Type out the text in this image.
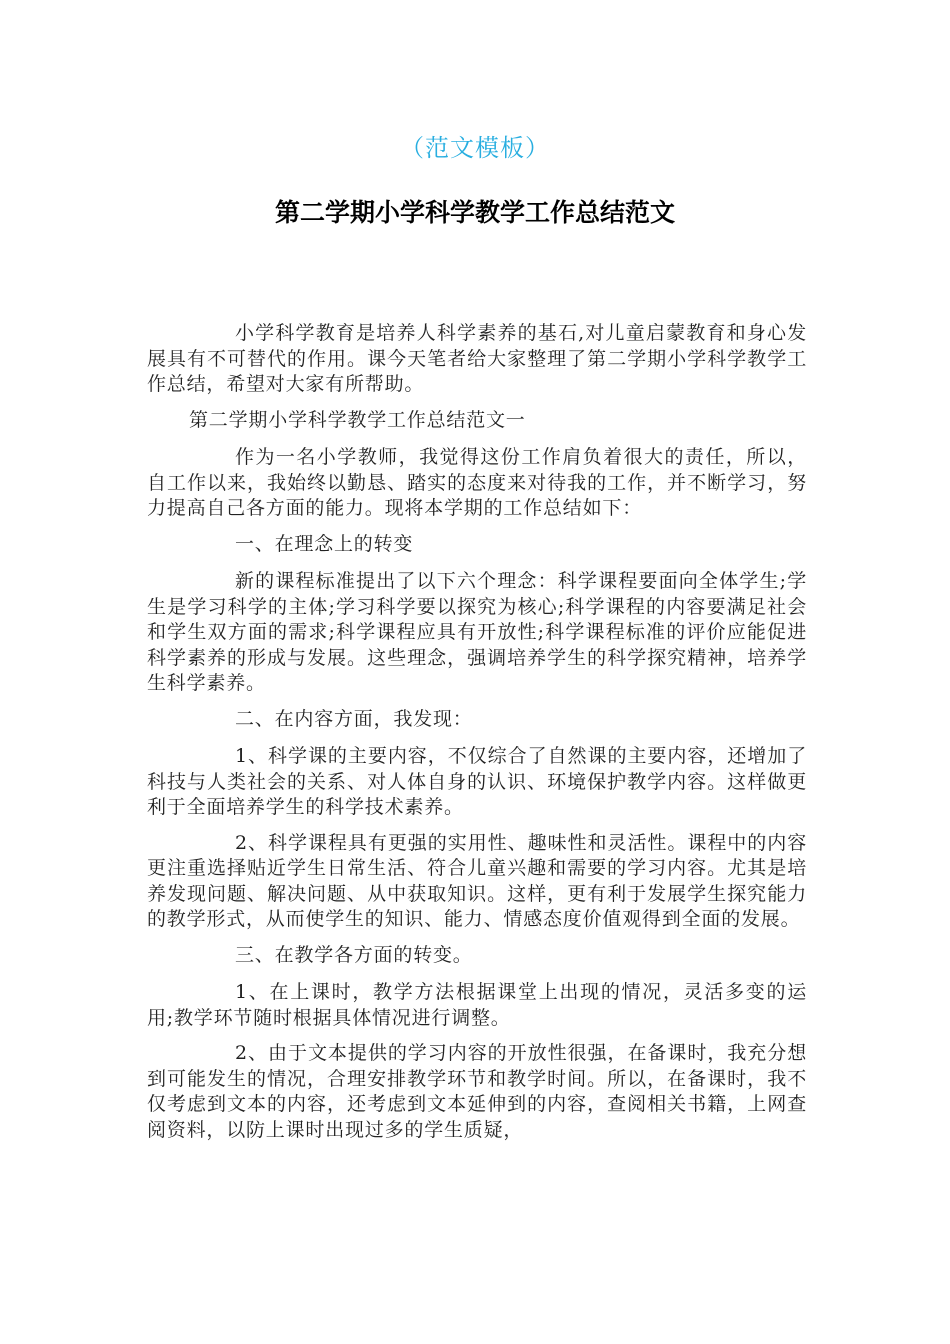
（范文模板）
第二学期小学科学教学工作总结范文

小学科学教育是培养人科学素养的基石,对儿童启蒙教育和身心发展具有不可替代的作用。课今天笔者给大家整理了第二学期小学科学教学工作总结，希望对大家有所帮助。

第二学期小学科学教学工作总结范文一

作为一名小学教师，我觉得这份工作肩负着很大的责任，所以，自工作以来，我始终以勤恳、踏实的态度来对待我的工作，并不断学习，努力提高自己各方面的能力。现将本学期的工作总结如下：

一、在理念上的转变

新的课程标准提出了以下六个理念：科学课程要面向全体学生;学生是学习科学的主体;学习科学要以探究为核心;科学课程的内容要满足社会和学生双方面的需求;科学课程应具有开放性;科学课程标准的评价应能促进科学素养的形成与发展。这些理念，强调培养学生的科学探究精神，培养学生科学素养。

二、在内容方面，我发现：

1、科学课的主要内容，不仅综合了自然课的主要内容，还增加了科技与人类社会的关系、对人体自身的认识、环境保护教学内容。这样做更利于全面培养学生的科学技术素养。

2、科学课程具有更强的实用性、趣味性和灵活性。课程中的内容更注重选择贴近学生日常生活、符合儿童兴趣和需要的学习内容。尤其是培养发现问题、解决问题、从中获取知识。这样，更有利于发展学生探究能力的教学形式，从而使学生的知识、能力、情感态度价值观得到全面的发展。

三、在教学各方面的转变。

1、在上课时，教学方法根据课堂上出现的情况，灵活多变的运用;教学环节随时根据具体情况进行调整。

2、由于文本提供的学习内容的开放性很强，在备课时，我充分想到可能发生的情况，合理安排教学环节和教学时间。所以，在备课时，我不仅考虑到文本的内容，还考虑到文本延伸到的内容，查阅相关书籍，上网查阅资料，以防上课时出现过多的学生质疑，
